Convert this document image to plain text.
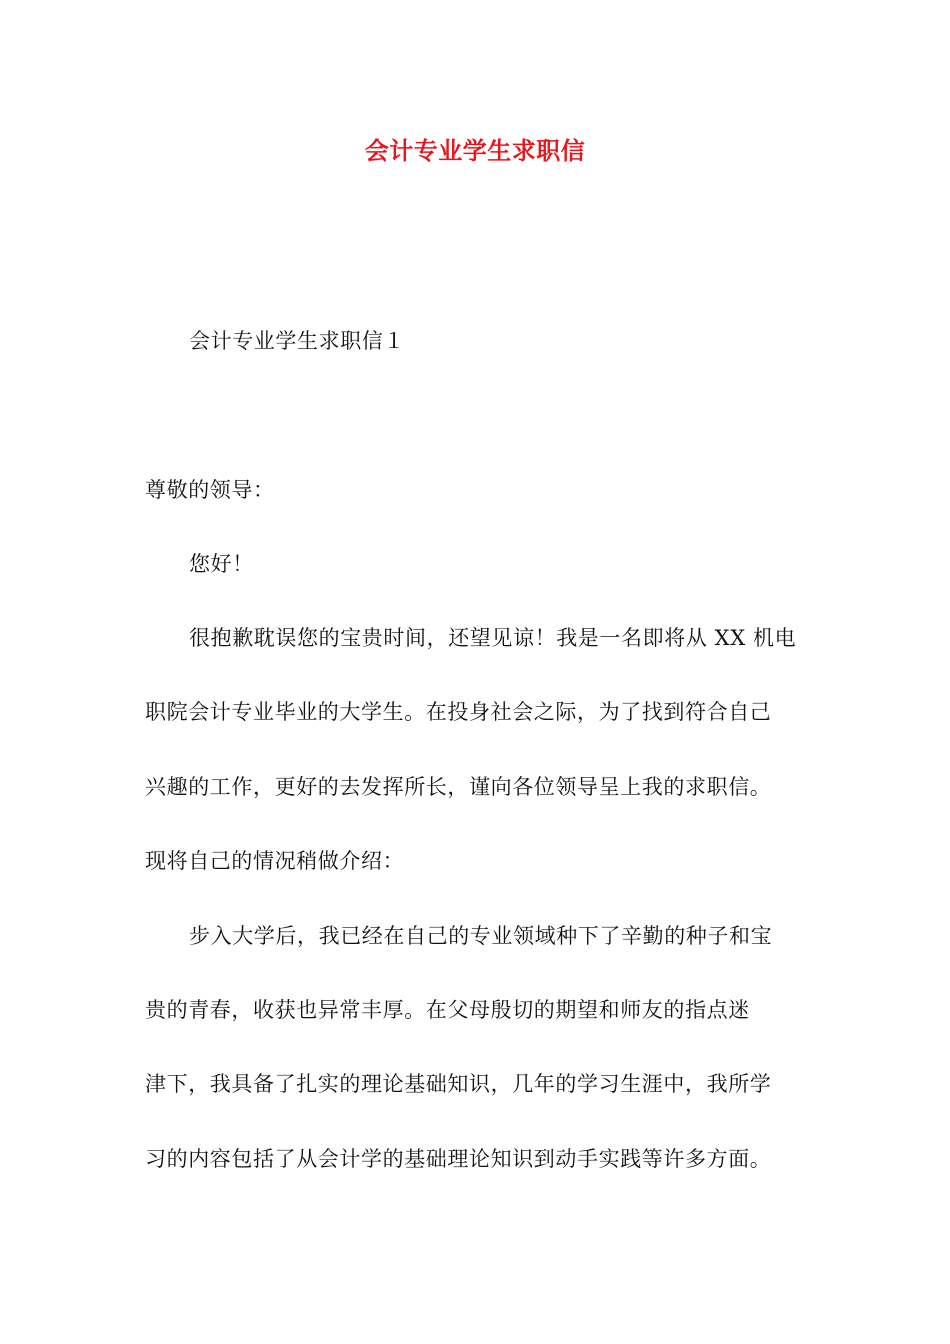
会计专业学生求职信
会计专业学生求职信１
尊敬的领导：
您好！
很抱歉耽误您的宝贵时间，还望见谅！我是一名即将从 XX 机电
职院会计专业毕业的大学生。在投身社会之际，为了找到符合自己
兴趣的工作，更好的去发挥所长，谨向各位领导呈上我的求职信。
现将自己的情况稍做介绍：
步入大学后，我已经在自己的专业领域种下了辛勤的种子和宝
贵的青春，收获也异常丰厚。在父母殷切的期望和师友的指点迷
津下，我具备了扎实的理论基础知识，几年的学习生涯中，我所学
习的内容包括了从会计学的基础理论知识到动手实践等许多方面。
